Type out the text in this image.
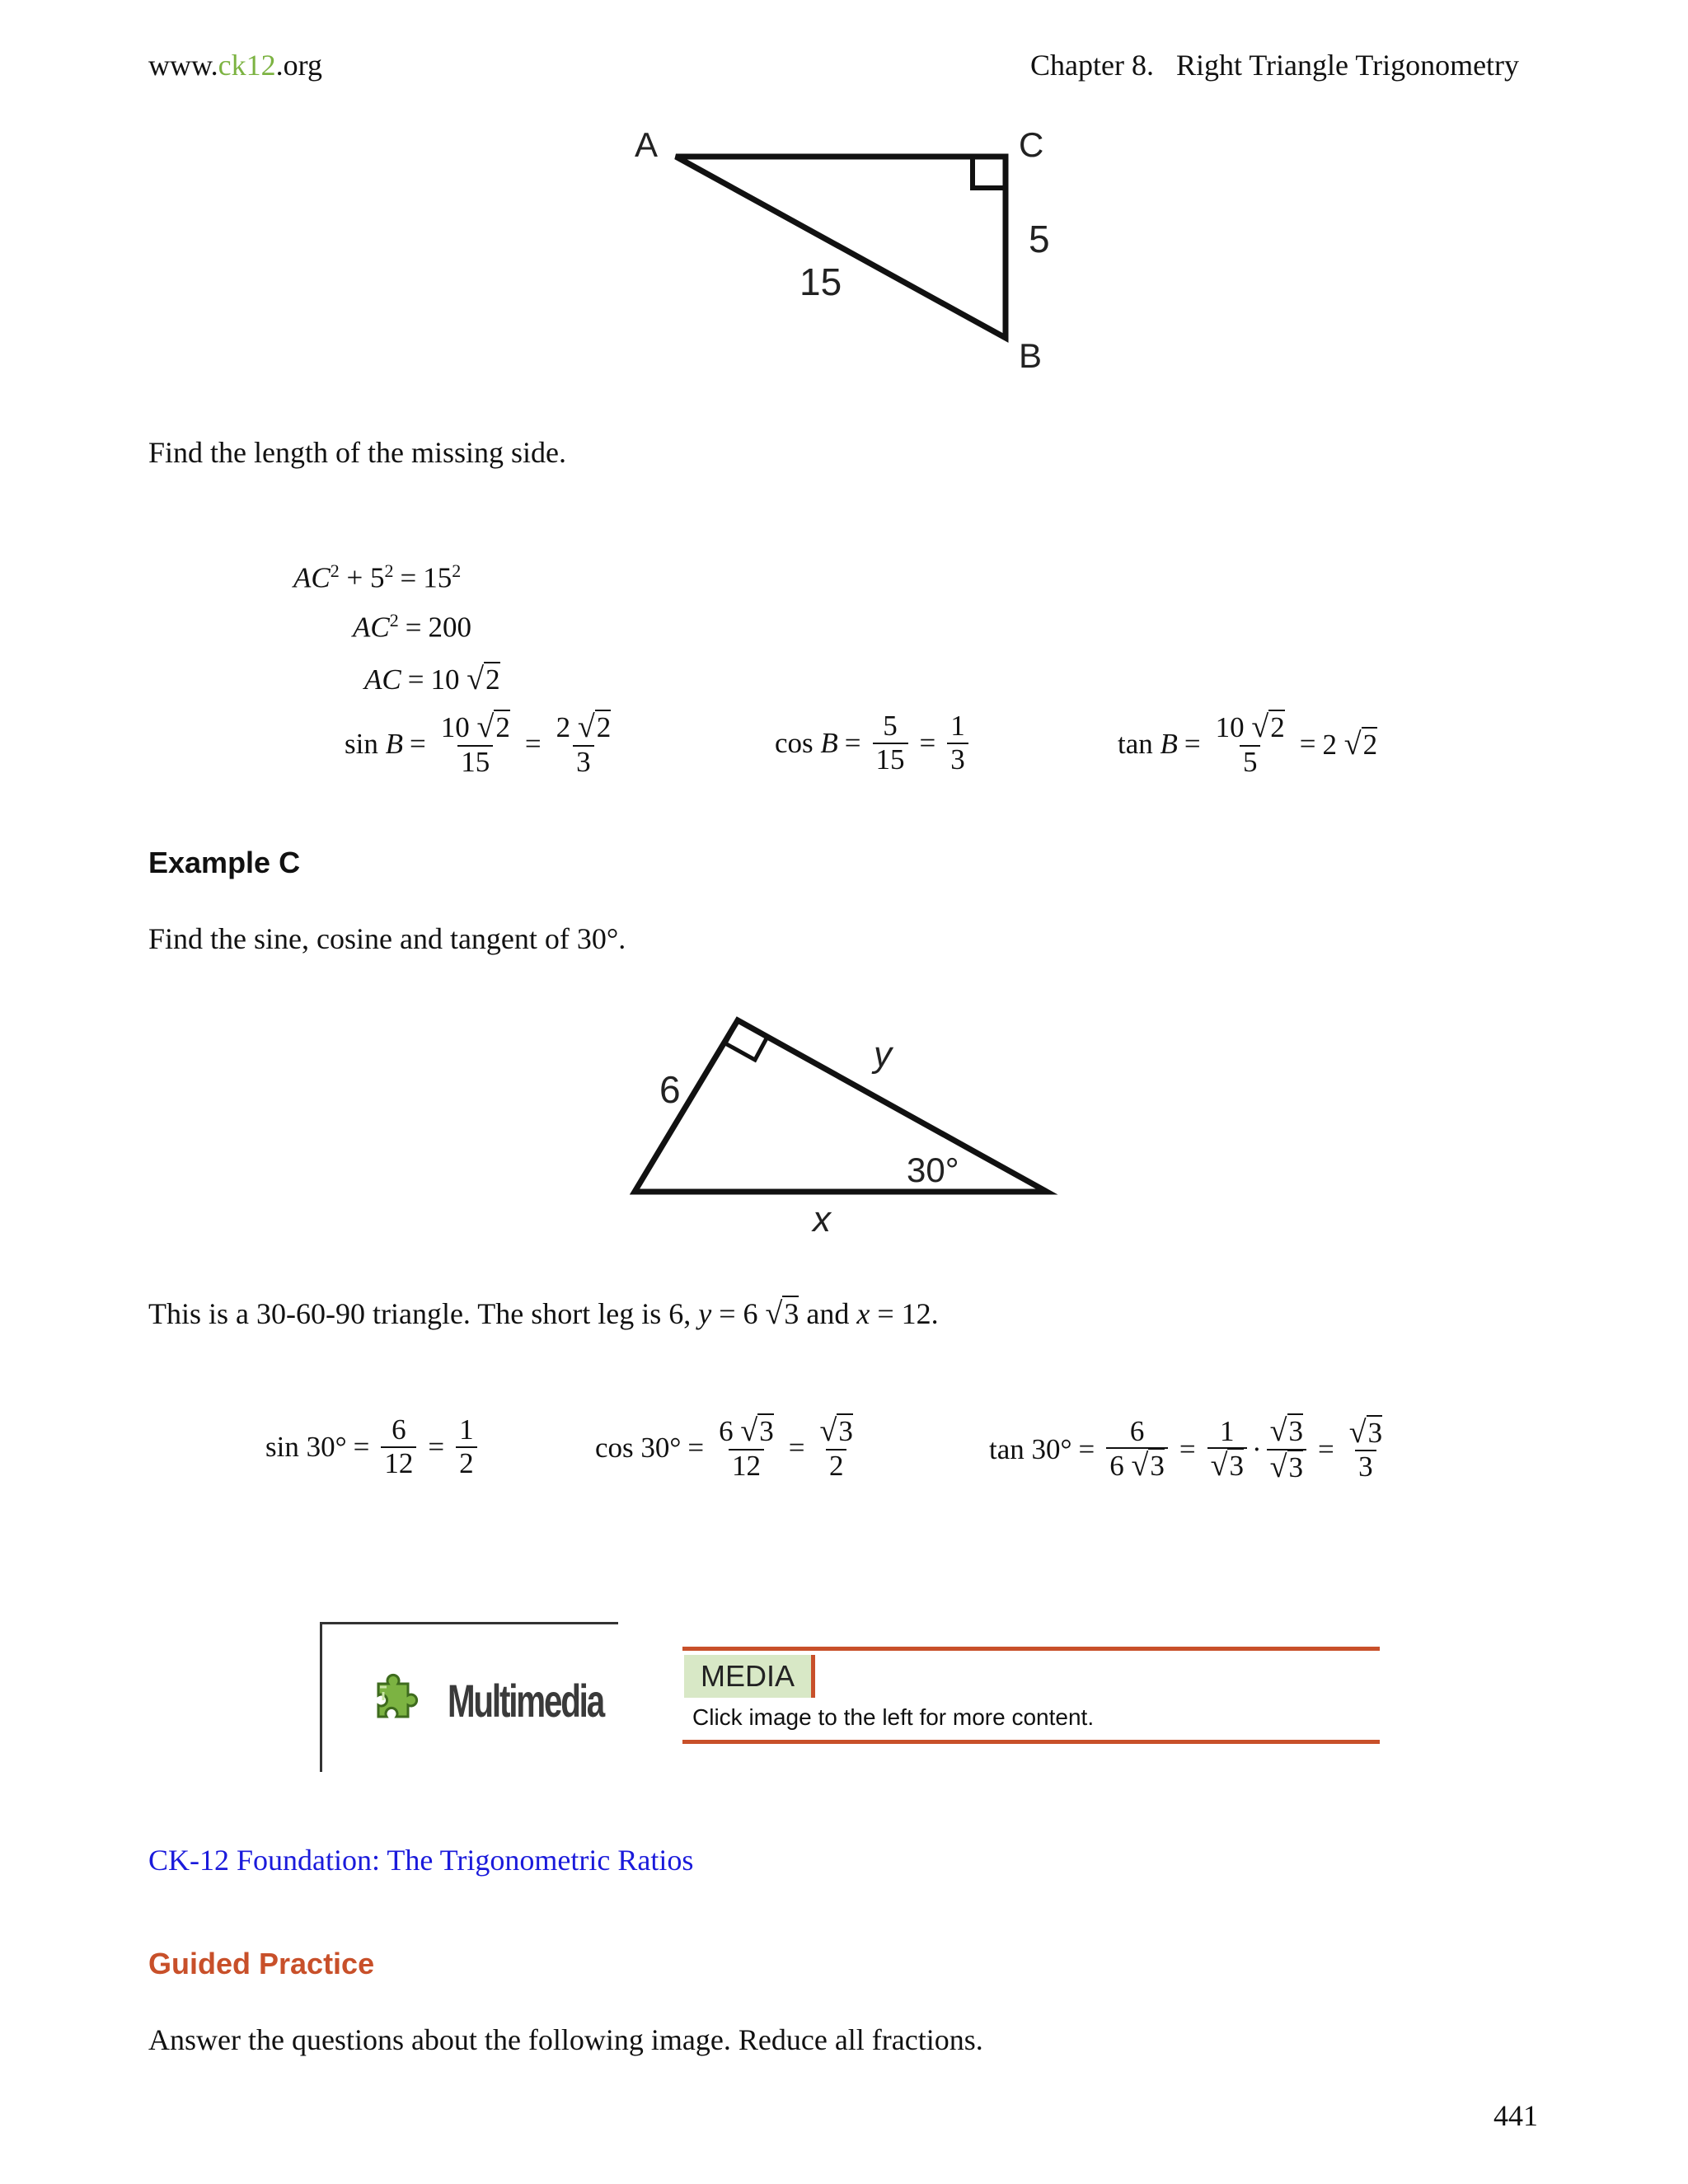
www.ck12.org	Chapter 8. Right Triangle Trigonometry
A	C
B
5
15
Find the length of the missing side.
$AC^2 + 5^2 = 15^2$
$AC^2 = 200$
AC = 10 √2
$\sin B = \frac{10 √2}{15} = \frac{2 √2}{3}$	$\cos B = \frac{5}{15} = \frac{1}{3}$	$\tan B = \frac{10 √2}{5} = 2$ √2
Example C
Find the sine, cosine and tangent of 30°.
6
y
x
30°
This is a 30-60-90 triangle. The short leg is 6, y = 6 √3 and x = 12.
$\sin 30^\circ = \frac{6}{12} = \frac{1}{2}$	$\cos 30^\circ = \frac{6 √3}{12} = \frac{√3}{2}$	$\tan 30^\circ = \frac{6}{6 √3} = \frac{1}{√3} \cdot \frac{√3}{√3} = \frac{√3}{3}$
Multimedia	MEDIA
Click image to the left for more content.
CK-12 Foundation: The Trigonometric Ratios
Guided Practice
Answer the questions about the following image. Reduce all fractions.
441
